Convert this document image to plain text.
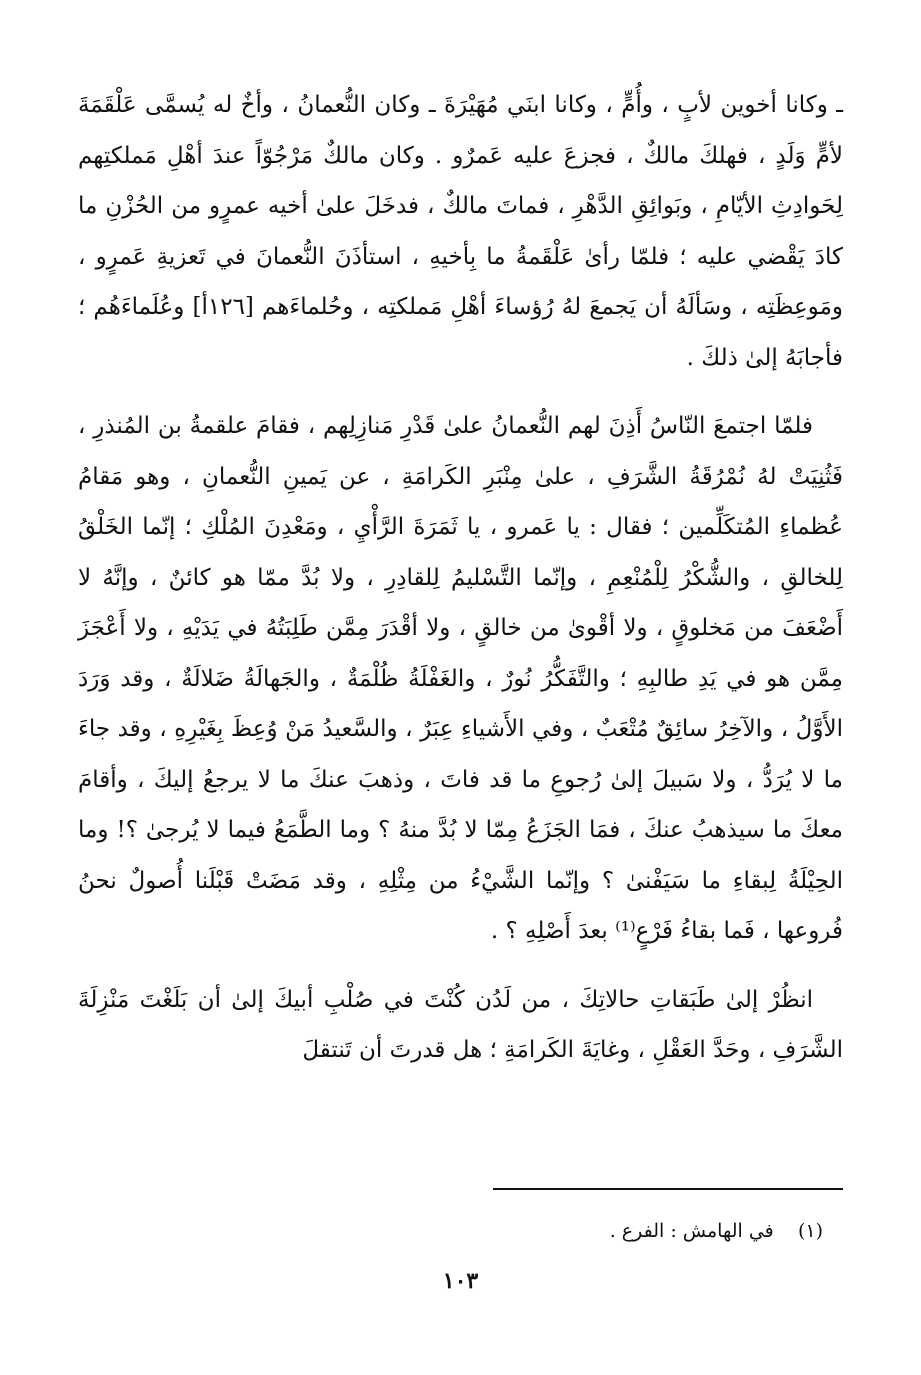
ـ وكانا أخوين لأبٍ ، وأُمٍّ ، وكانا ابنَي مُهَيْرَةَ ـ وكان النُّعمانُ ، وأخٌ له يُسمَّى عَلْقَمَةَ لأمٍّ وَلَدٍ ، فهلكَ مالكٌ ، فجزعَ عليه عَمرٌو . وكان مالكٌ مَرْجُوّاً عندَ أهْلِ مَملكتِهم لِحَوادِثِ الأيّامِ ، وبَوائِقِ الدَّهْرِ ، فماتَ مالكٌ ، فدخَلَ علىٰ أخيه عمرٍو من الحُزْنِ ما كادَ يَقْضي عليه ؛ فلمّا رأىٰ عَلْقَمةُ ما بِأخيهِ ، استأذَنَ النُّعمانَ في تَعزيةِ عَمرٍو ، ومَوعِظَتِه ، وسَألَهُ أن يَجمعَ لهُ رُؤساءَ أهْلِ مَملكتِه ، وحُلماءَهم [١٢٦أ] وعُلَماءَهُم ؛ فأجابَهُ إلىٰ ذلكَ .

فلمّا اجتمعَ النّاسُ أَذِنَ لهم النُّعمانُ علىٰ قَدْرِ مَنازِلِهم ، فقامَ علقمةُ بن المُنذرِ ، فَثُنِيَتْ لهُ نُمْرُقَةُ الشَّرَفِ ، علىٰ مِنْبَرِ الكَرامَةِ ، عن يَمينِ النُّعمانِ ، وهو مَقامُ عُظماءِ المُتكَلِّمين ؛ فقال : يا عَمرو ، يا ثَمَرَةَ الرَّأْيِ ، ومَعْدِنَ المُلْكِ ؛ إنّما الخَلْقُ لِلخالقِ ، والشُّكْرُ لِلْمُنْعِمِ ، وإنّما التَّسْليمُ لِلقادِرِ ، ولا بُدَّ ممّا هو كائنٌ ، وإنَّهُ لا أَضْعَفَ من مَخلوقٍ ، ولا أقْوىٰ من خالقٍ ، ولا أقْدَرَ مِمَّن طَلِبَتُهُ في يَدَيْهِ ، ولا أَعْجَزَ مِمَّن هو في يَدِ طالبِهِ ؛ والتَّفَكُّرُ نُورٌ ، والغَفْلَةُ ظُلْمَةٌ ، والجَهالَةُ ضَلالَةٌ ، وقد وَرَدَ الأَوَّلُ ، والآخِرُ سائِقٌ مُتْعَبٌ ، وفي الأَشياءِ عِبَرٌ ، والسَّعيدُ مَنْ وُعِظَ بِغَيْرِهِ ، وقد جاءَ ما لا يُرَدُّ ، ولا سَبيلَ إلىٰ رُجوعِ ما قد فاتَ ، وذهبَ عنكَ ما لا يرجعُ إليكَ ، وأقامَ معكَ ما سيذهبُ عنكَ ، فمَا الجَزَعُ مِمّا لا بُدَّ منهُ ؟ وما الطَّمَعُ فيما لا يُرجىٰ ؟! وما الحِيْلَةُ لِبقاءِ ما سَيَفْنىٰ ؟ وإنّما الشَّيْءُ من مِثْلِهِ ، وقد مَضَتْ قَبْلَنا أُصولٌ نحنُ فُروعها ، فَما بقاءُ فَرْعٍ⁽¹⁾ بعدَ أَصْلِهِ ؟ .

انظُرْ إلىٰ طَبَقاتِ حالاتِكَ ، من لَدُن كُنْتَ في صُلْبِ أبيكَ إلىٰ أن بَلَغْتَ مَنْزِلَةَ الشَّرَفِ ، وحَدَّ العَقْلِ ، وغايَةَ الكَرامَةِ ؛ هل قدرتَ أن تَنتقلَ

(١)    في الهامش : الفرع .
١٠٣
